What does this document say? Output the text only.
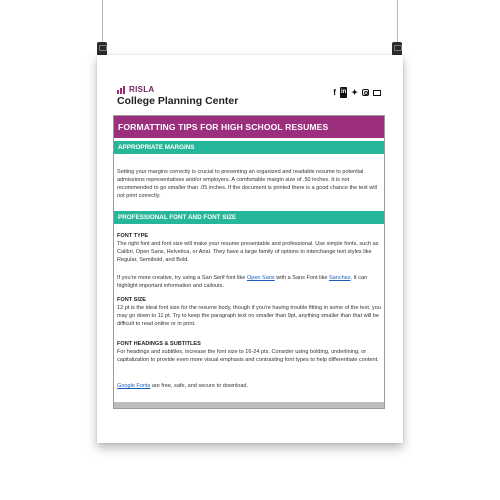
RISLA
College Planning Center
f in ✦
FORMATTING TIPS FOR HIGH SCHOOL RESUMES
APPROPRIATE MARGINS
Setting your margins correctly is crucial to presenting an organized and readable resume to potential admissions representatives and/or employers. A comfortable margin size of .50 inches. It is not recommended to go smaller than .05 inches. If the document is printed there is a good chance the text will not print correctly.
PROFESSIONAL FONT AND FONT SIZE
FONT TYPE
The right font and font size will make your resume presentable and professional. Use simple fonts, such as Calibri, Open Sans, Helvetica, or Arial. They have a large family of options to interchange text styles like Regular, Semibold, and Bold.
If you're more creative, try using a San Serif font like Open Sans with a Sans Font like Sanchez. It can highlight important information and callouts.
FONT SIZE
12 pt is the ideal font size for the resume body, though if you're having trouble fitting in some of the text, you may go down to 11 pt. Try to keep the paragraph text no smaller than 9pt, anything smaller than that will be difficult to read online or in print.
FONT HEADINGS & SUBTITLES
For headings and subtitles, increase the font size to 16-24 pts. Consider using bolding, underlining, or capitalization to provide even more visual emphasis and contrasting font types to help differentiate content.
Google Fonts are free, safe, and secure to download.
